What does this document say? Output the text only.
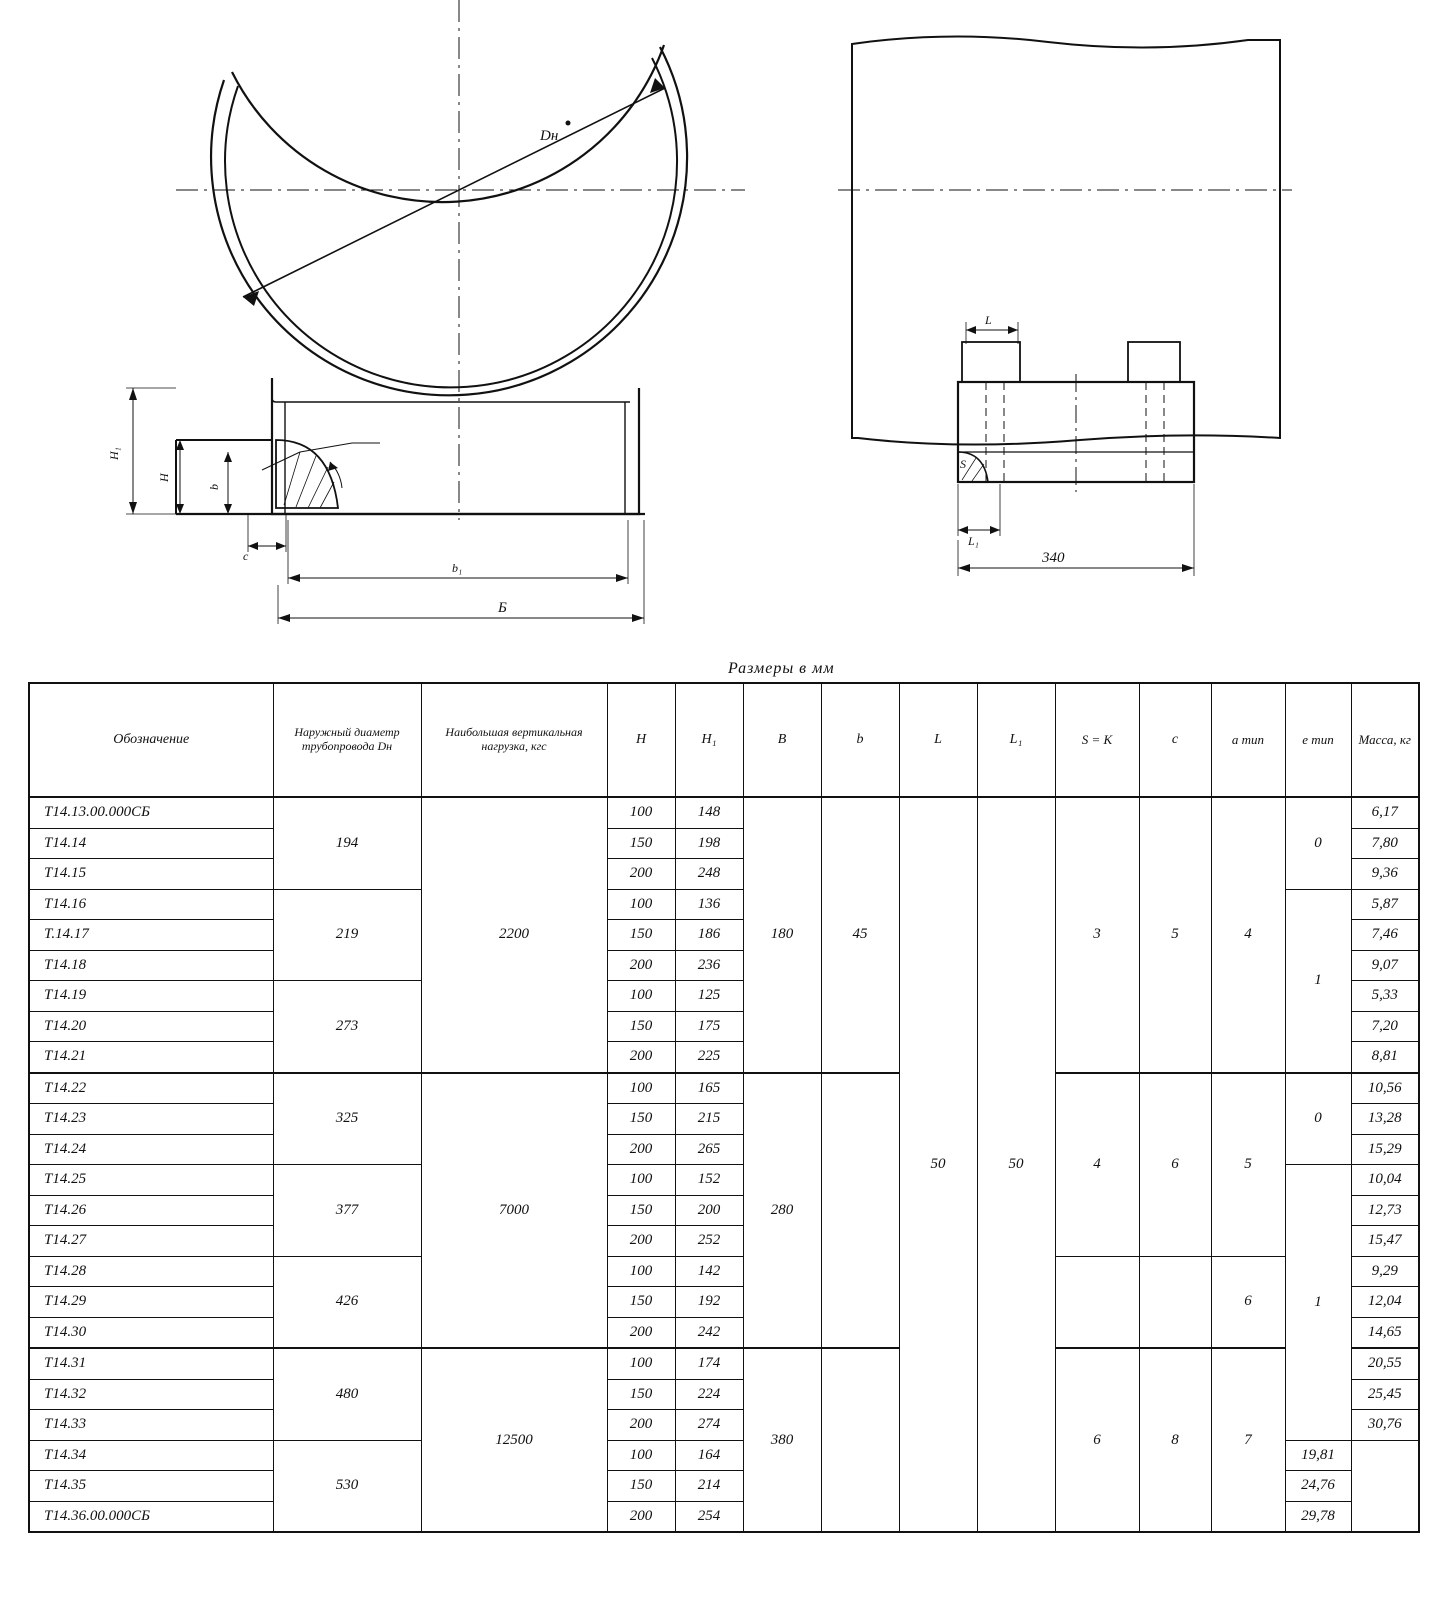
Dн
H₁
H
b
c
b₁
Б
S
L
L₁
340
Размеры в мм
Обозначение	Наружный диаметр трубопровода Dн	Наибольшая вертикальная нагрузка, кгс	H	H₁	B	b	L	L₁	S = K	c	a тип	e тип	Масса, кг
Т14.13.00.000СБ	194	2200	100	148	180	45	50	50	3	5	4	0	6,17
Т14.14			150	198									7,80
Т14.15			200	248									9,36
Т14.16	219		100	136								1	5,87
Т.14.17			150	186									7,46
Т14.18			200	236									9,07
Т14.19	273		100	125									5,33
Т14.20			150	175									7,20
Т14.21			200	225									8,81
Т14.22	325	7000	100	165	280				4	6	5	0	10,56
Т14.23			150	215									13,28
Т14.24			200	265									15,29
Т14.25	377		100	152								1	10,04
Т14.26			150	200									12,73
Т14.27			200	252									15,47
Т14.28	426		100	142							6		9,29
Т14.29			150	192									12,04
Т14.30			200	242									14,65
Т14.31	480	12500	100	174	380				6	8	7		20,55
Т14.32			150	224									25,45
Т14.33			200	274									30,76
Т14.34	530		100	164								19,81	
Т14.35			150	214								24,76	
Т14.36.00.000СБ			200	254								29,78	
